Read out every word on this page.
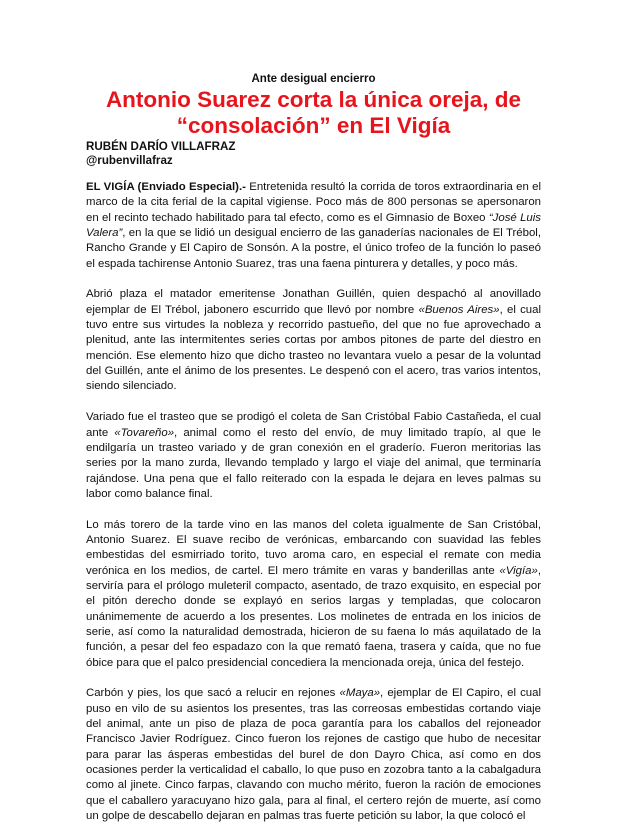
Ante desigual encierro
Antonio Suarez corta la única oreja, de
“consolación” en El Vigía
RUBÉN DARÍO VILLAFRAZ
@rubenvillafraz

EL VIGÍA (Enviado Especial).- Entretenida resultó la corrida de toros extraordinaria en el marco de la cita ferial de la capital vigiense. Poco más de 800 personas se apersonaron en el recinto techado habilitado para tal efecto, como es el Gimnasio de Boxeo “José Luis Valera”, en la que se lidió un desigual encierro de las ganaderías nacionales de El Trébol, Rancho Grande y El Capiro de Sonsón. A la postre, el único trofeo de la función lo paseó el espada tachirense Antonio Suarez, tras una faena pinturera y detalles, y poco más.

Abrió plaza el matador emeritense Jonathan Guillén, quien despachó al anovillado ejemplar de El Trébol, jabonero escurrido que llevó por nombre «Buenos Aires», el cual tuvo entre sus virtudes la nobleza y recorrido pastueño, del que no fue aprovechado a plenitud, ante las intermitentes series cortas por ambos pitones de parte del diestro en mención. Ese elemento hizo que dicho trasteo no levantara vuelo a pesar de la voluntad del Guillén, ante el ánimo de los presentes. Le despenó con el acero, tras varios intentos, siendo silenciado.

Variado fue el trasteo que se prodigó el coleta de San Cristóbal Fabio Castañeda, el cual ante «Tovareño», animal como el resto del envío, de muy limitado trapío, al que le endilgaría un trasteo variado y de gran conexión en el graderío. Fueron meritorias las series por la mano zurda, llevando templado y largo el viaje del animal, que terminaría rajándose. Una pena que el fallo reiterado con la espada le dejara en leves palmas su labor como balance final.

Lo más torero de la tarde vino en las manos del coleta igualmente de San Cristóbal, Antonio Suarez. El suave recibo de verónicas, embarcando con suavidad las febles embestidas del esmirriado torito, tuvo aroma caro, en especial el remate con media verónica en los medios, de cartel. El mero trámite en varas y banderillas ante «Vigía», serviría para el prólogo muleteril compacto, asentado, de trazo exquisito, en especial por el pitón derecho donde se explayó en serios largas y templadas, que colocaron unánimemente de acuerdo a los presentes. Los molinetes de entrada en los inicios de serie, así como la naturalidad demostrada, hicieron de su faena lo más aquilatado de la función, a pesar del feo espadazo con la que remató faena, trasera y caída, que no fue óbice para que el palco presidencial concediera la mencionada oreja, única del festejo.

Carbón y pies, los que sacó a relucir en rejones «Maya», ejemplar de El Capiro, el cual puso en vilo de su asientos los presentes, tras las correosas embestidas cortando viaje del animal, ante un piso de plaza de poca garantía para los caballos del rejoneador Francisco Javier Rodríguez. Cinco fueron los rejones de castigo que hubo de necesitar para parar las ásperas embestidas del burel de don Dayro Chica, así como en dos ocasiones perder la verticalidad el caballo, lo que puso en zozobra tanto a la cabalgadura como al jinete. Cinco farpas, clavando con mucho mérito, fueron la ración de emociones que el caballero yaracuyano hizo gala, para al final, el certero rejón de muerte, así como un golpe de descabello dejaran en palmas tras fuerte petición su labor, la que colocó el
